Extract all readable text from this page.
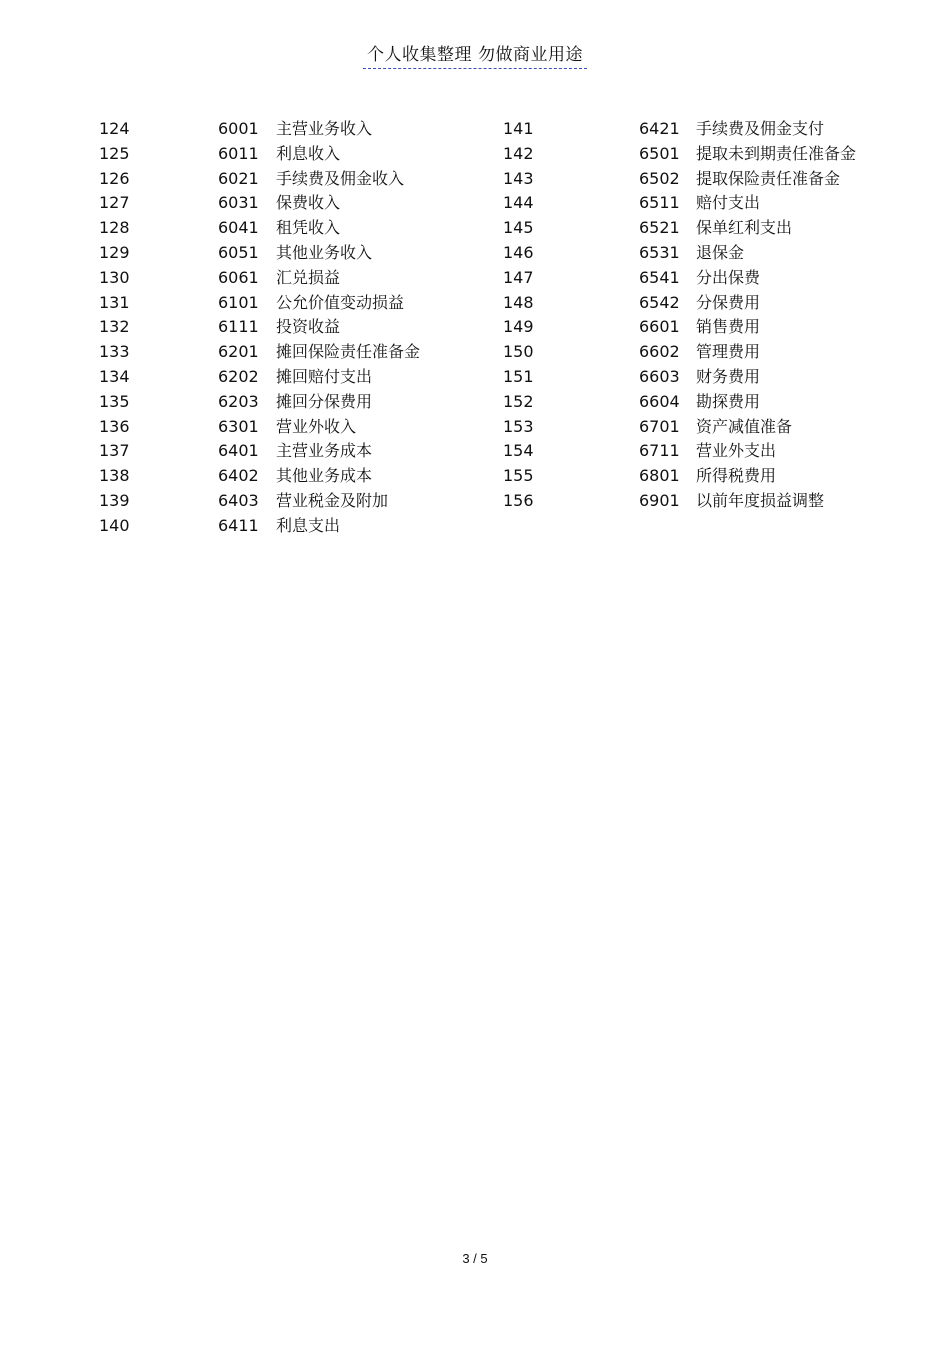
个人收集整理 勿做商业用途
124	6001 主营业务收入	141	6421 手续费及佣金支付
125	6011 利息收入	142	6501 提取未到期责任准备金
126	6021 手续费及佣金收入	143	6502 提取保险责任准备金
127	6031 保费收入	144	6511 赔付支出
128	6041 租凭收入	145	6521 保单红利支出
129	6051 其他业务收入	146	6531 退保金
130	6061 汇兑损益	147	6541 分出保费
131	6101 公允价值变动损益	148	6542 分保费用
132	6111 投资收益	149	6601 销售费用
133	6201 摊回保险责任准备金	150	6602 管理费用
134	6202 摊回赔付支出	151	6603 财务费用
135	6203 摊回分保费用	152	6604 勘探费用
136	6301 营业外收入	153	6701 资产减值准备
137	6401 主营业务成本	154	6711 营业外支出
138	6402 其他业务成本	155	6801 所得税费用
139	6403 营业税金及附加	156	6901 以前年度损益调整
140	6411 利息支出
3 / 5
